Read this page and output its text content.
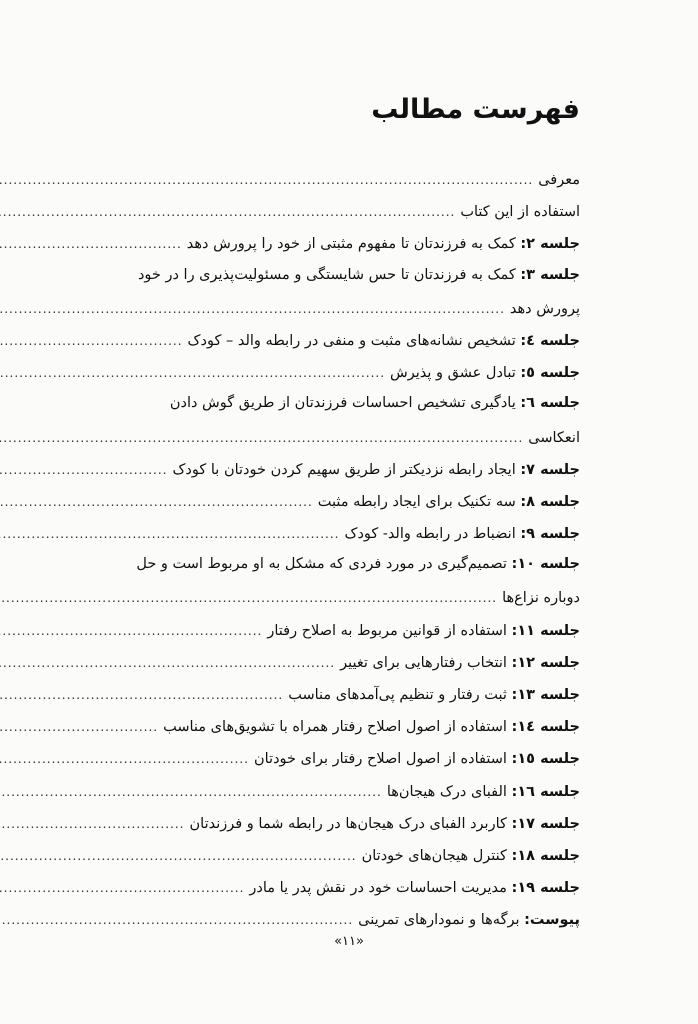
فهرست مطالب
معرفی
.....
استفاده از این کتاب
.....
جلسه ۲: کمک به فرزندتان تا مفهوم مثبتی از خود را پرورش دهد
.....
جلسه ۳: کمک به فرزندتان تا حس شایستگی و مسئولیت‌پذیری را در خود
پرورش دهد
.....
جلسه ٤: تشخیص نشانه‌های مثبت و منفی در رابطه والد – کودک
.....
جلسه ٥: تبادل عشق و پذیرش
.....
جلسه ٦: یادگیری تشخیص احساسات فرزندتان از طریق گوش دادن
انعکاسی
.....
جلسه ۷: ایجاد رابطه نزدیکتر از طریق سهیم کردن خودتان با کودک
.....
جلسه ۸: سه تکنیک برای ایجاد رابطه مثبت
.....
جلسه ۹: انضباط در رابطه والد- کودک
.....
جلسه ۱۰: تصمیم‌گیری در مورد فردی که مشکل به او مربوط است و حل
دوباره نزاع‌ها
.....
جلسه ۱۱: استفاده از قوانین مربوط به اصلاح رفتار
.....
جلسه ۱۲: انتخاب رفتارهایی برای تغییر
.....
جلسه ۱۳: ثبت رفتار و تنظیم پی‌آمدهای مناسب
.....
جلسه ١٤: استفاده از اصول اصلاح رفتار همراه با تشویق‌های مناسب
.....
جلسه ١٥: استفاده از اصول اصلاح رفتار برای خودتان
.....
جلسه ١٦: الفبای درک هیجان‌ها
.....
جلسه ۱۷: کاربرد الفبای درک هیجان‌ها در رابطه شما و فرزندتان
.....
جلسه ۱۸: کنترل هیجان‌های خودتان
.....
جلسه ۱۹: مدیریت احساسات خود در نقش پدر یا مادر
.....
پیوست: برگه‌ها و نمودارهای تمرینی
.....
«۱۱»
